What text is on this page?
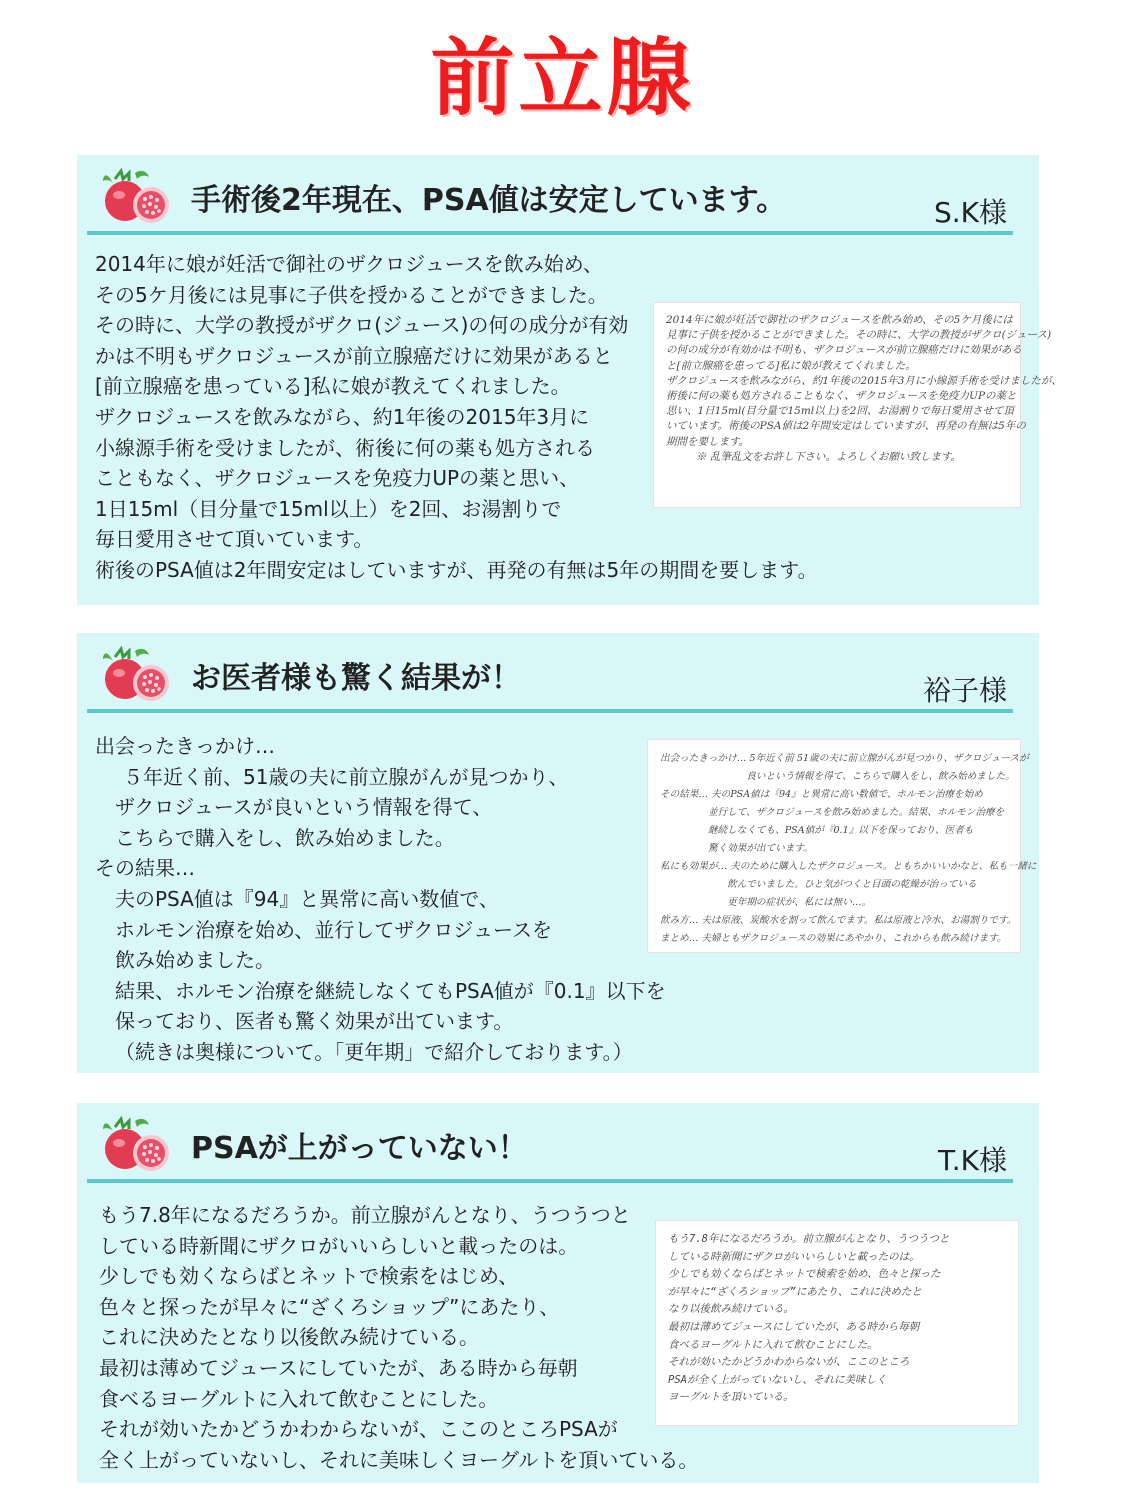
前立腺
手術後2年現在、PSA値は安定しています。	S.K様
2014年に娘が妊活で御社のザクロジュースを飲み始め、
その5ケ月後には見事に子供を授かることができました。
その時に、大学の教授がザクロ(ジュース)の何の成分が有効
かは不明もザクロジュースが前立腺癌だけに効果があると
[前立腺癌を患っている]私に娘が教えてくれました。
ザクロジュースを飲みながら、約1年後の2015年3月に
小線源手術を受けましたが、術後に何の薬も処方される
こともなく、ザクロジュースを免疫力UPの薬と思い、
1日15ml（目分量で15ml以上）を2回、お湯割りで
毎日愛用させて頂いています。
術後のPSA値は2年間安定はしていますが、再発の有無は5年の期間を要します。
2014年に娘が妊活で御社のザクロジュースを飲み始め、その5ケ月後には
見事に子供を授かることができました。その時に、大学の教授がザクロ(ジュース)
の何の成分が有効かは不明も、ザクロジュースが前立腺癌だけに効果がある
と[前立腺癌を患ってる]私に娘が教えてくれました。
ザクロジュースを飲みながら、約1年後の2015年3月に小線源手術を受けましたが、
術後に何の薬も処方されることもなく、ザクロジュースを免疫力UPの薬と
思い、1日15ml(目分量で15ml以上)を2回、お湯割りで毎日愛用させて頂
いています。術後のPSA値は2年間安定はしていますが、再発の有無は5年の
期間を要します。
※ 乱筆乱文をお許し下さい。よろしくお願い致します。
お医者様も驚く結果が！	裕子様
出会ったきっかけ…
５年近く前、51歳の夫に前立腺がんが見つかり、
ザクロジュースが良いという情報を得て、
こちらで購入をし、飲み始めました。
その結果…
夫のPSA値は『94』と異常に高い数値で、
ホルモン治療を始め、並行してザクロジュースを
飲み始めました。
結果、ホルモン治療を継続しなくてもPSA値が『0.1』以下を
保っており、医者も驚く効果が出ています。
（続きは奥様について。「更年期」で紹介しております。）
出会ったきっかけ… 5年近く前 51歳の夫に前立腺がんが見つかり、ザクロジュースが
　　　　　　　　　良いという情報を得て、こちらで購入をし、飲み始めました。
その結果… 夫のPSA値は『94』と異常に高い数値で、ホルモン治療を始め
　　　　　並行して、ザクロジュースを飲み始めました。結果、ホルモン治療を
　　　　　継続しなくても、PSA値が『0.1』以下を保っており、医者も
　　　　　驚く効果が出ています。
私にも効果が… 夫のために購入したザクロジュース。ともちかいいかなと、私も一緒に
　　　　　　　飲んでいました。ひと気がつくと目頭の乾燥が治っている
　　　　　　　更年期の症状が、私には無い…。
飲み方… 夫は原液、炭酸水を割って飲んでます。私は原液と冷水、お湯割りです。
まとめ… 夫婦ともザクロジュースの効果にあやかり、これからも飲み続けます。
PSAが上がっていない！	T.K様
もう7.8年になるだろうか。前立腺がんとなり、うつうつと
している時新聞にザクロがいいらしいと載ったのは。
少しでも効くならばとネットで検索をはじめ、
色々と探ったが早々に“ざくろショップ”にあたり、
これに決めたとなり以後飲み続けている。
最初は薄めてジュースにしていたが、ある時から毎朝
食べるヨーグルトに入れて飲むことにした。
それが効いたかどうかわからないが、ここのところPSAが
全く上がっていないし、それに美味しくヨーグルトを頂いている。
もう7.8年になるだろうか。前立腺がんとなり、うつうつと
している時新聞にザクロがいいらしいと載ったのは。
少しでも効くならばとネットで検索を始め、色々と探った
が早々に“ざくろショップ”にあたり、これに決めたと
なり以後飲み続けている。
最初は薄めてジュースにしていたが、ある時から毎朝
食べるヨーグルトに入れて飲むことにした。
それが効いたかどうかわからないが、ここのところ
PSAが全く上がっていないし、それに美味しく
ヨーグルトを頂いている。
